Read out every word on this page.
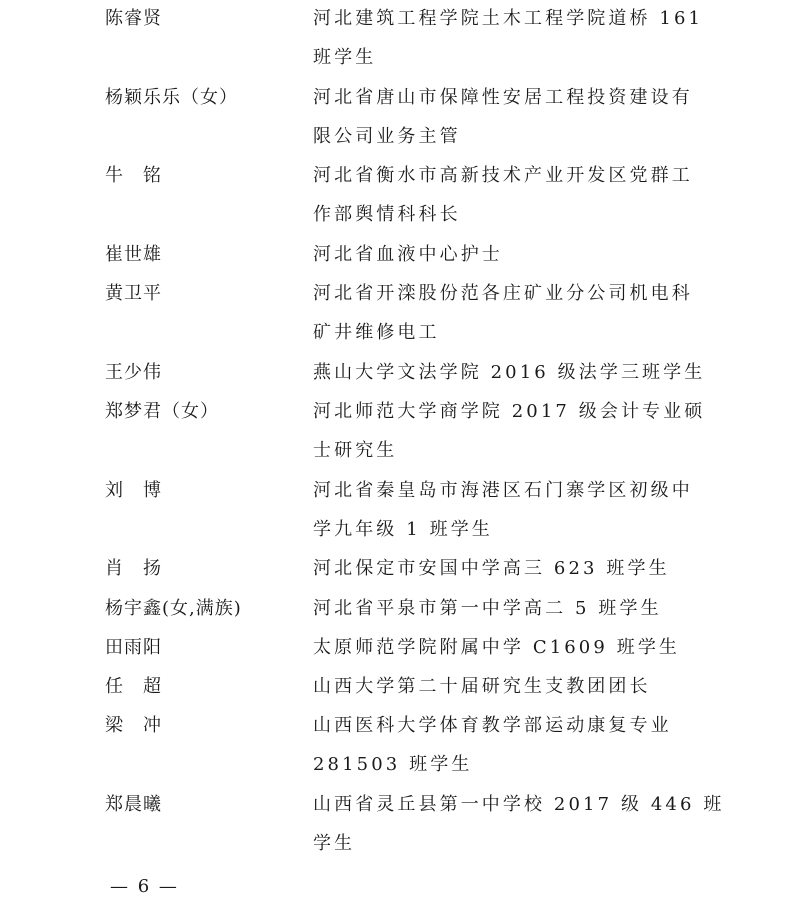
陈睿贤	河北建筑工程学院土木工程学院道桥 161
班学生
杨颖乐乐（女）	河北省唐山市保障性安居工程投资建设有
限公司业务主管
牛　铭	河北省衡水市高新技术产业开发区党群工
作部舆情科科长
崔世雄	河北省血液中心护士
黄卫平	河北省开滦股份范各庄矿业分公司机电科
矿井维修电工
王少伟	燕山大学文法学院 2016 级法学三班学生
郑梦君（女）	河北师范大学商学院 2017 级会计专业硕
士研究生
刘　博	河北省秦皇岛市海港区石门寨学区初级中
学九年级 1 班学生
肖　扬	河北保定市安国中学高三 623 班学生
杨宇鑫(女,满族)	河北省平泉市第一中学高二 5 班学生
田雨阳	太原师范学院附属中学 C1609 班学生
任　超	山西大学第二十届研究生支教团团长
梁　冲	山西医科大学体育教学部运动康复专业
281503 班学生
郑晨曦	山西省灵丘县第一中学校 2017 级 446 班
学生
— 6 —
